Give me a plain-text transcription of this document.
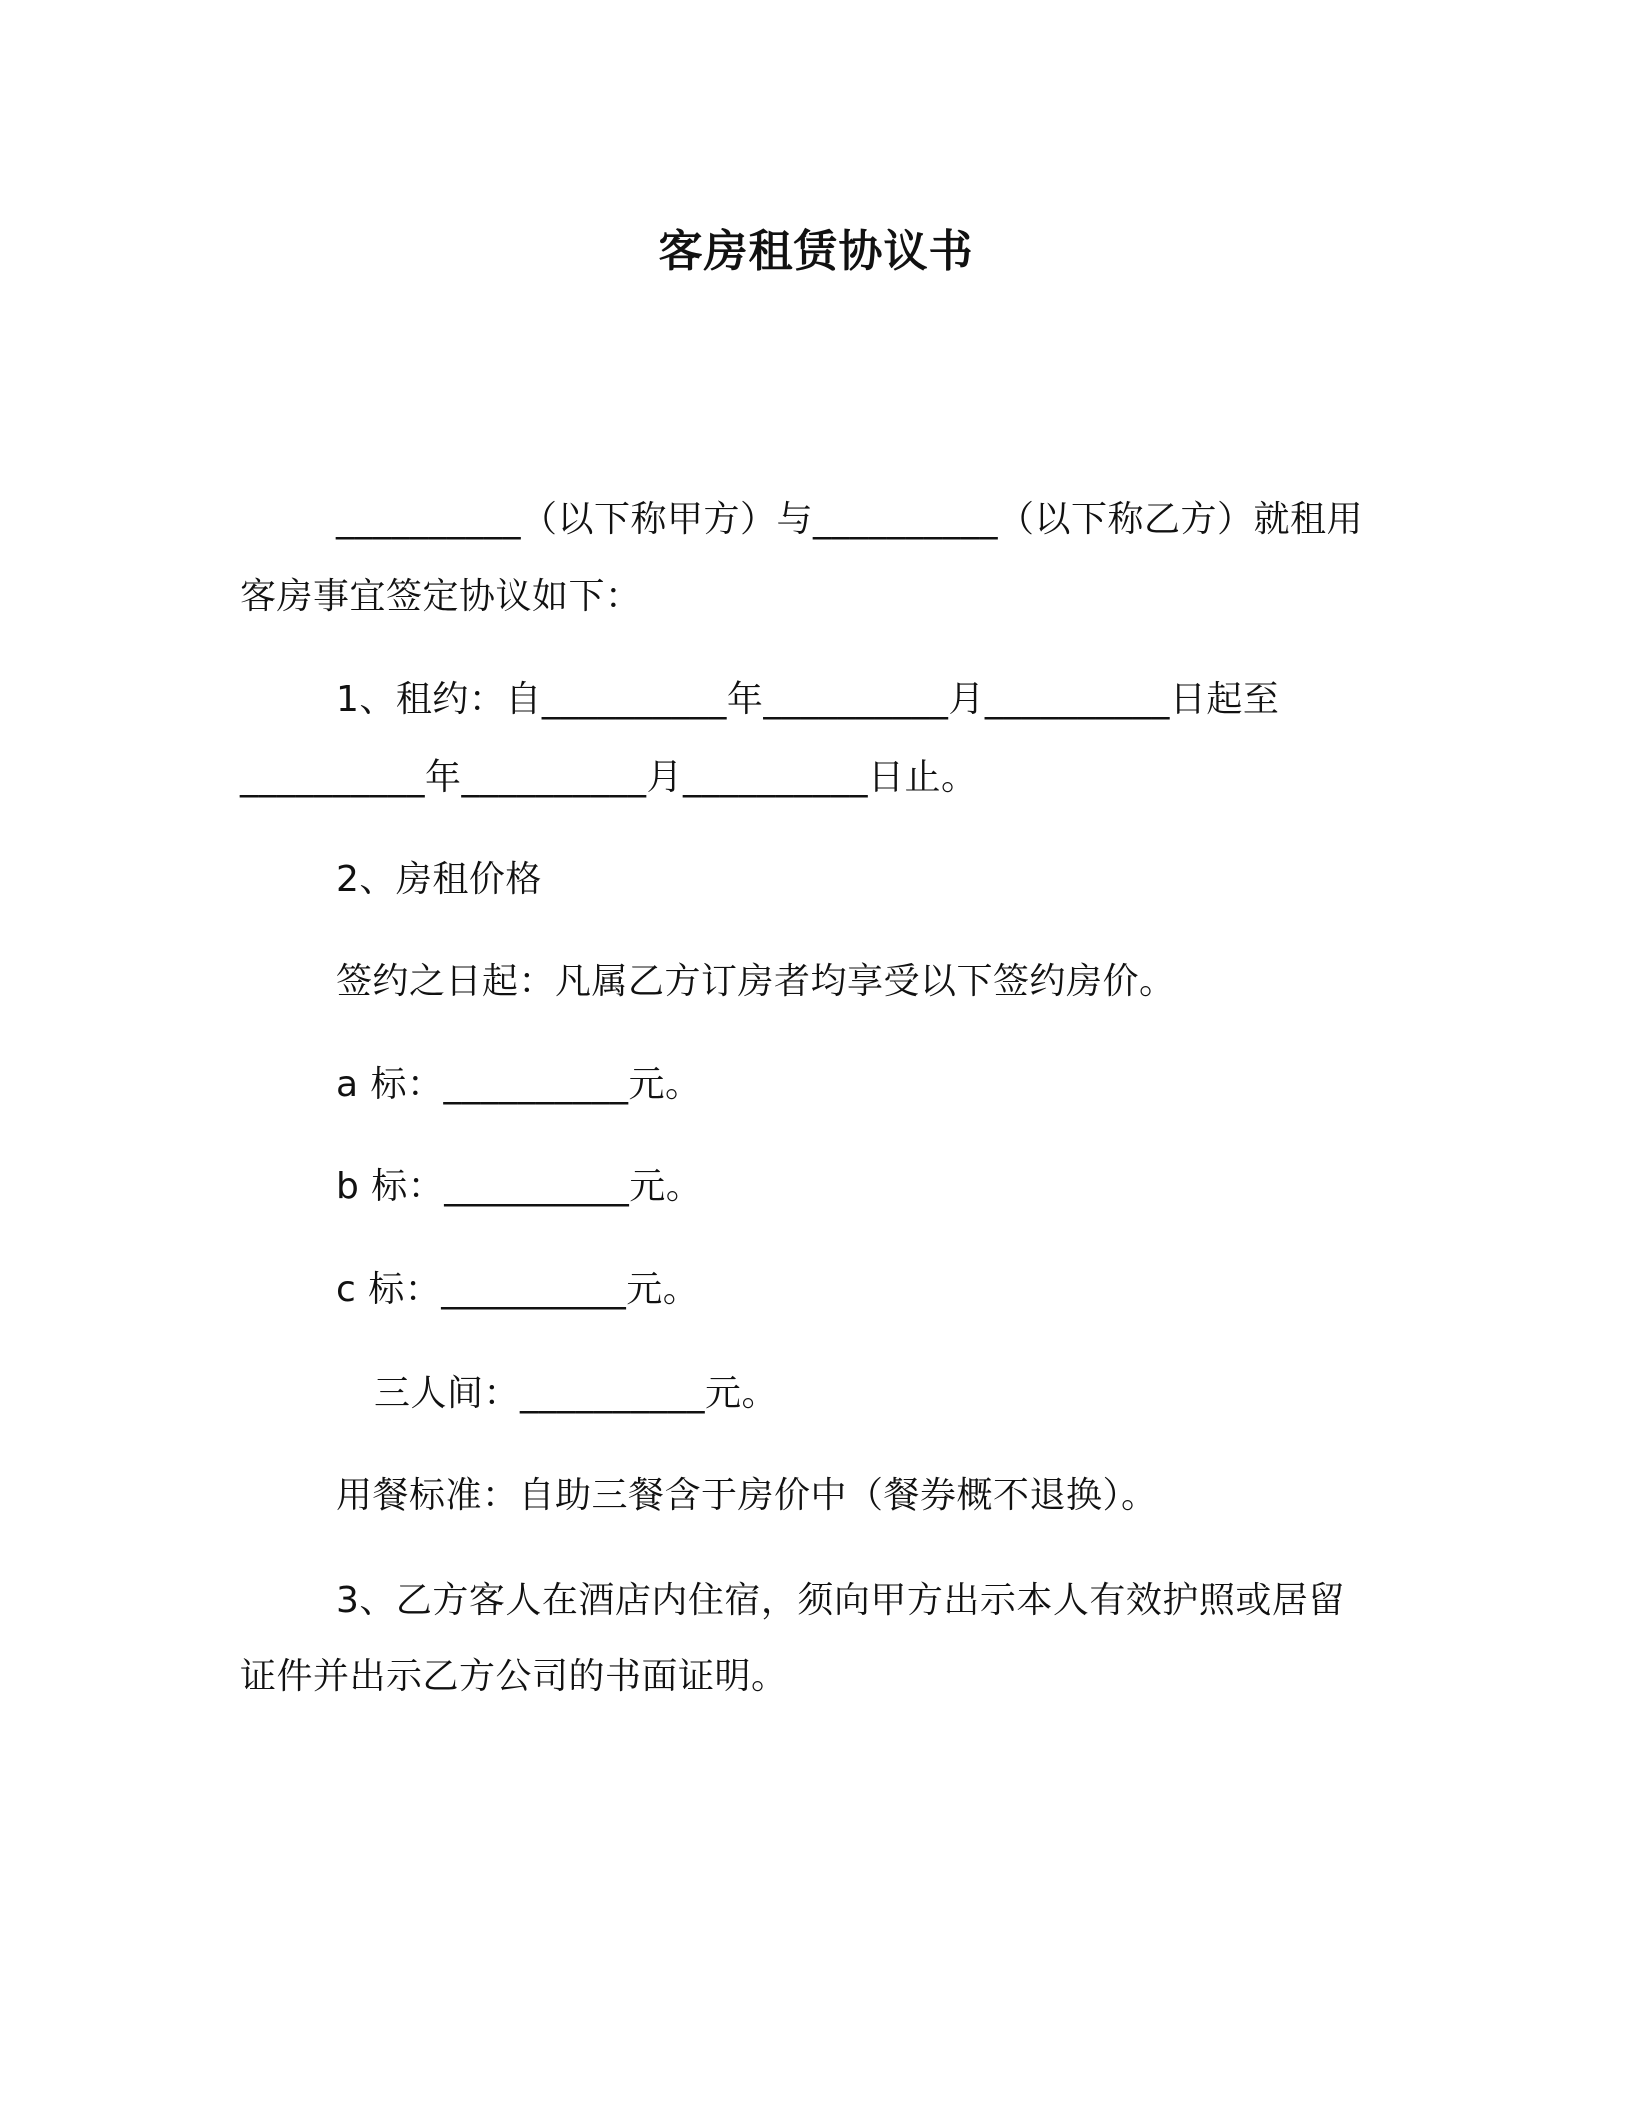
客房租赁协议书

__________（以下称甲方）与__________（以下称乙方）就租用

客房事宜签定协议如下：

1、租约：自__________年__________月__________日起至

__________年__________月__________日止。

2、房租价格

签约之日起：凡属乙方订房者均享受以下签约房价。

a 标：__________元。

b 标：__________元。

c 标：__________元。

三人间：__________元。

用餐标准：自助三餐含于房价中（餐券概不退换）。

3、乙方客人在酒店内住宿，须向甲方出示本人有效护照或居留

证件并出示乙方公司的书面证明。
